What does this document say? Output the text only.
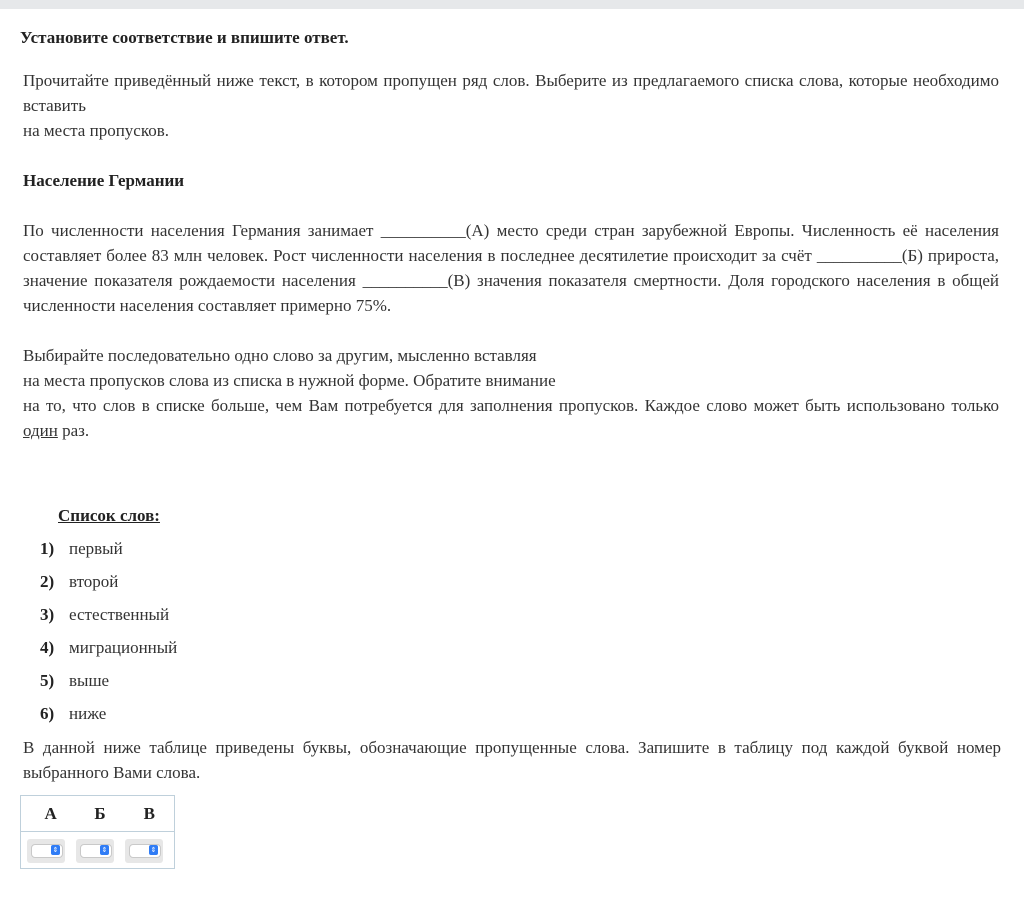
Установите соответствие и впишите ответ.
Прочитайте приведённый ниже текст, в котором пропущен ряд слов. Выберите из предлагаемого списка слова, которые необходимо вставить
на места пропусков.
Население Германии
По численности населения Германия занимает __________(А) место среди стран зарубежной Европы. Численность её населения составляет более 83 млн человек. Рост численности населения в последнее десятилетие происходит за счёт __________(Б) прироста, значение показателя рождаемости населения __________(В) значения показателя смертности. Доля городского населения в общей численности населения составляет примерно 75%.
Выбирайте последовательно одно слово за другим, мысленно вставляя
на места пропусков слова из списка в нужной форме. Обратите внимание
на то, что слов в списке больше, чем Вам потребуется для заполнения пропусков. Каждое слово может быть использовано только один раз.
Список слов:
1) первый
2) второй
3) естественный
4) миграционный
5) выше
6) ниже
В данной ниже таблице приведены буквы, обозначающие пропущенные слова. Запишите в таблицу под каждой буквой номер выбранного Вами слова.
А	Б	В
⇕	⇕	⇕
